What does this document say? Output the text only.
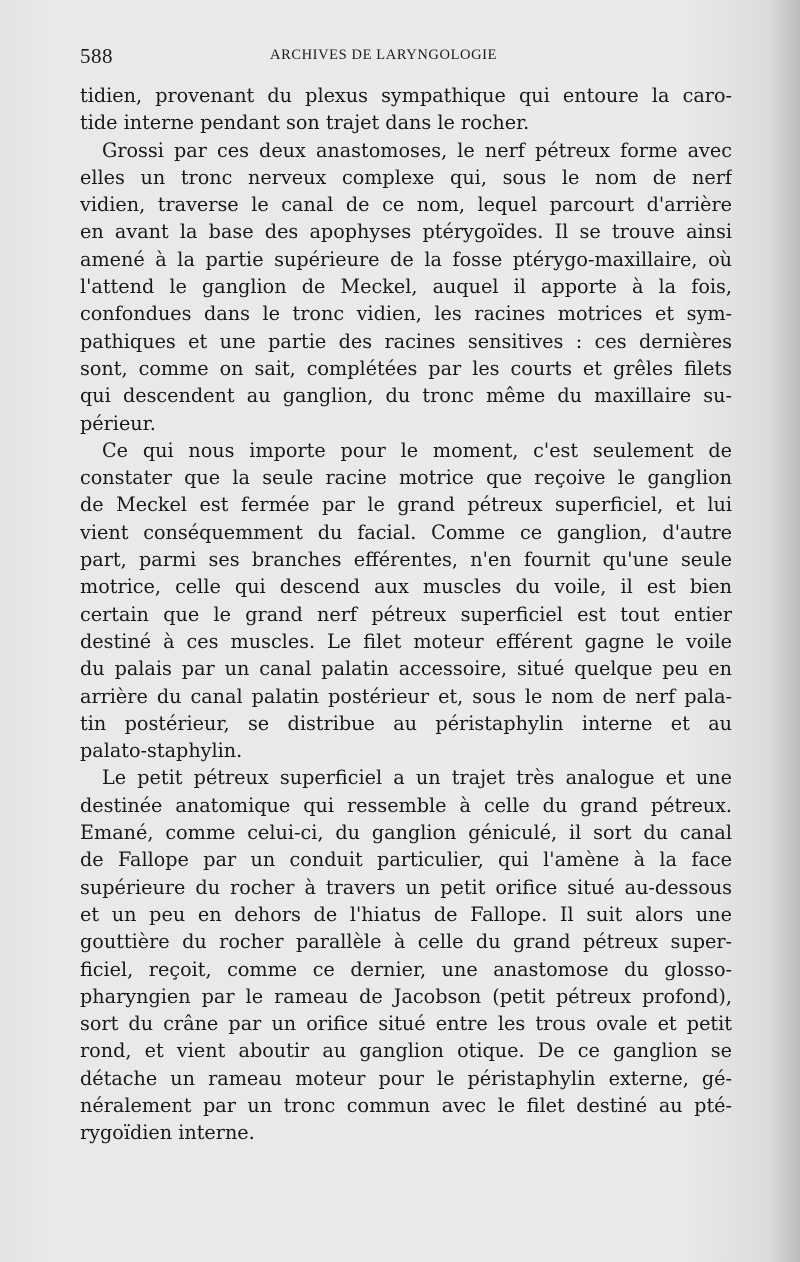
588	ARCHIVES DE LARYNGOLOGIE
tidien, provenant du plexus sympathique qui entoure la caro-
tide interne pendant son trajet dans le rocher.
Grossi par ces deux anastomoses, le nerf pétreux forme avec
elles un tronc nerveux complexe qui, sous le nom de nerf
vidien, traverse le canal de ce nom, lequel parcourt d'arrière
en avant la base des apophyses ptérygoïdes. Il se trouve ainsi
amené à la partie supérieure de la fosse ptérygo-maxillaire, où
l'attend le ganglion de Meckel, auquel il apporte à la fois,
confondues dans le tronc vidien, les racines motrices et sym-
pathiques et une partie des racines sensitives : ces dernières
sont, comme on sait, complétées par les courts et grêles filets
qui descendent au ganglion, du tronc même du maxillaire su-
périeur.
Ce qui nous importe pour le moment, c'est seulement de
constater que la seule racine motrice que reçoive le ganglion
de Meckel est fermée par le grand pétreux superficiel, et lui
vient conséquemment du facial. Comme ce ganglion, d'autre
part, parmi ses branches efférentes, n'en fournit qu'une seule
motrice, celle qui descend aux muscles du voile, il est bien
certain que le grand nerf pétreux superficiel est tout entier
destiné à ces muscles. Le filet moteur efférent gagne le voile
du palais par un canal palatin accessoire, situé quelque peu en
arrière du canal palatin postérieur et, sous le nom de nerf pala-
tin postérieur, se distribue au péristaphylin interne et au
palato-staphylin.
Le petit pétreux superficiel a un trajet très analogue et une
destinée anatomique qui ressemble à celle du grand pétreux.
Emané, comme celui-ci, du ganglion géniculé, il sort du canal
de Fallope par un conduit particulier, qui l'amène à la face
supérieure du rocher à travers un petit orifice situé au-dessous
et un peu en dehors de l'hiatus de Fallope. Il suit alors une
gouttière du rocher parallèle à celle du grand pétreux super-
ficiel, reçoit, comme ce dernier, une anastomose du glosso-
pharyngien par le rameau de Jacobson (petit pétreux profond),
sort du crâne par un orifice situé entre les trous ovale et petit
rond, et vient aboutir au ganglion otique. De ce ganglion se
détache un rameau moteur pour le péristaphylin externe, gé-
néralement par un tronc commun avec le filet destiné au pté-
rygoïdien interne.
